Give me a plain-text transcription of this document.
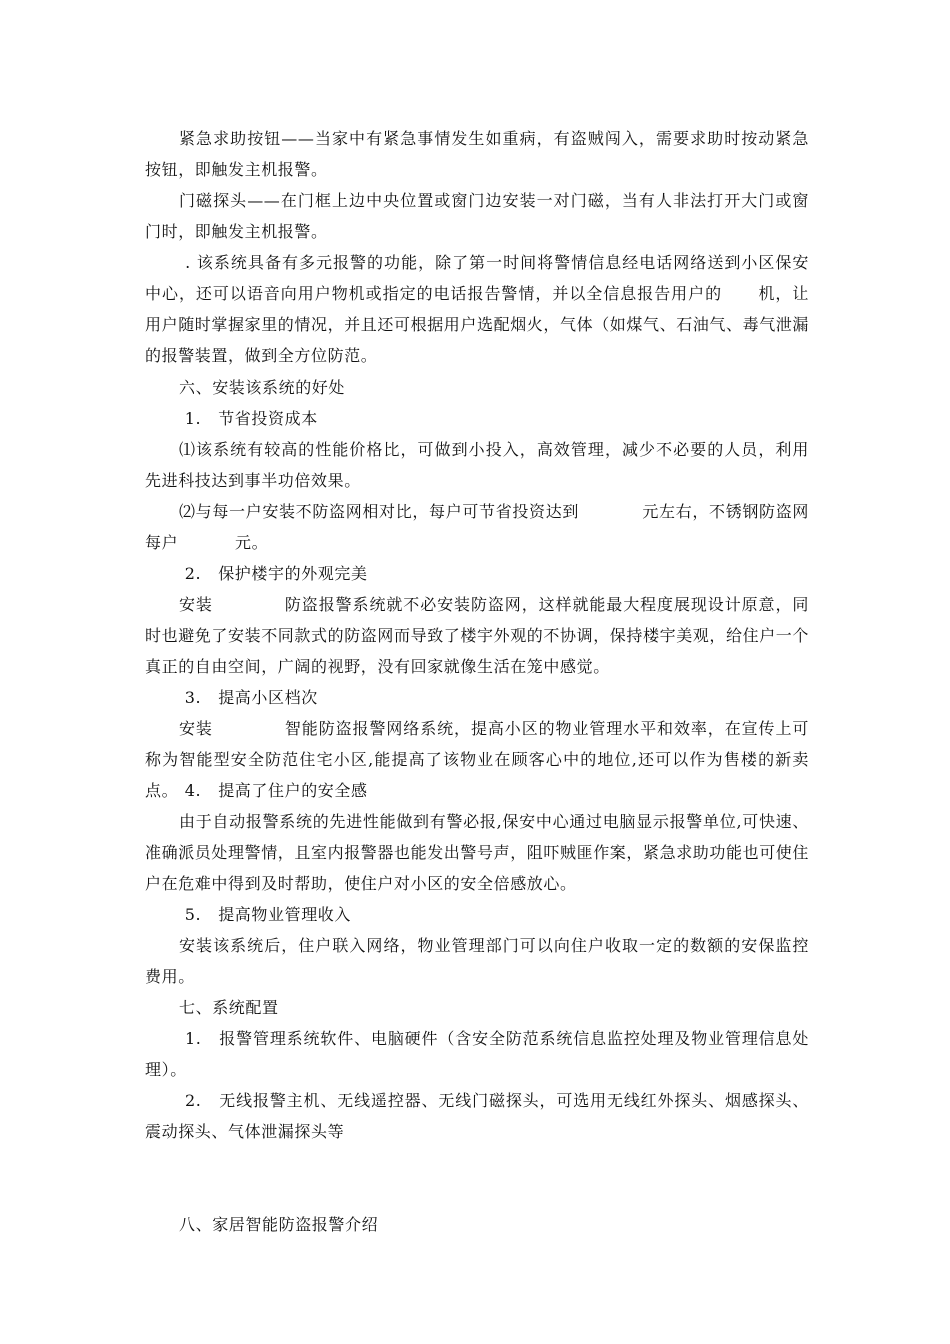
紧急求助按钮——当家中有紧急事情发生如重病，有盗贼闯入，需要求助时按动紧急按钮，即触发主机报警。

门磁探头——在门框上边中央位置或窗门边安装一对门磁，当有人非法打开大门或窗门时，即触发主机报警。

. 该系统具备有多元报警的功能，除了第一时间将警情信息经电话网络送到小区保安中心，还可以语音向用户物机或指定的电话报告警情，并以全信息报告用户的      机，让用户随时掌握家里的情况，并且还可根据用户选配烟火，气体（如煤气、石油气、毒气泄漏的报警装置，做到全方位防范。

六、安装该系统的好处

1.   节省投资成本

⑴该系统有较高的性能价格比，可做到小投入，高效管理，减少不必要的人员，利用先进科技达到事半功倍效果。

⑵与每一户安装不防盗网相对比，每户可节省投资达到           元左右，不锈钢防盗网每户          元。

2.   保护楼宇的外观完美

安装            防盗报警系统就不必安装防盗网，这样就能最大程度展现设计原意，同时也避免了安装不同款式的防盗网而导致了楼宇外观的不协调，保持楼宇美观，给住户一个真正的自由空间，广阔的视野，没有回家就像生活在笼中感觉。

3.   提高小区档次

安装            智能防盗报警网络系统，提高小区的物业管理水平和效率，在宣传上可称为智能型安全防范住宅小区,能提高了该物业在顾客心中的地位,还可以作为售楼的新卖点。 4.   提高了住户的安全感

由于自动报警系统的先进性能做到有警必报,保安中心通过电脑显示报警单位,可快速、准确派员处理警情，且室内报警器也能发出警号声，阻吓贼匪作案，紧急求助功能也可使住户在危难中得到及时帮助，使住户对小区的安全倍感放心。

5.   提高物业管理收入

安装该系统后，住户联入网络，物业管理部门可以向住户收取一定的数额的安保监控费用。

七、系统配置

1.   报警管理系统软件、电脑硬件（含安全防范系统信息监控处理及物业管理信息处理）。

2.   无线报警主机、无线遥控器、无线门磁探头，可选用无线红外探头、烟感探头、震动探头、气体泄漏探头等

八、家居智能防盗报警介绍
